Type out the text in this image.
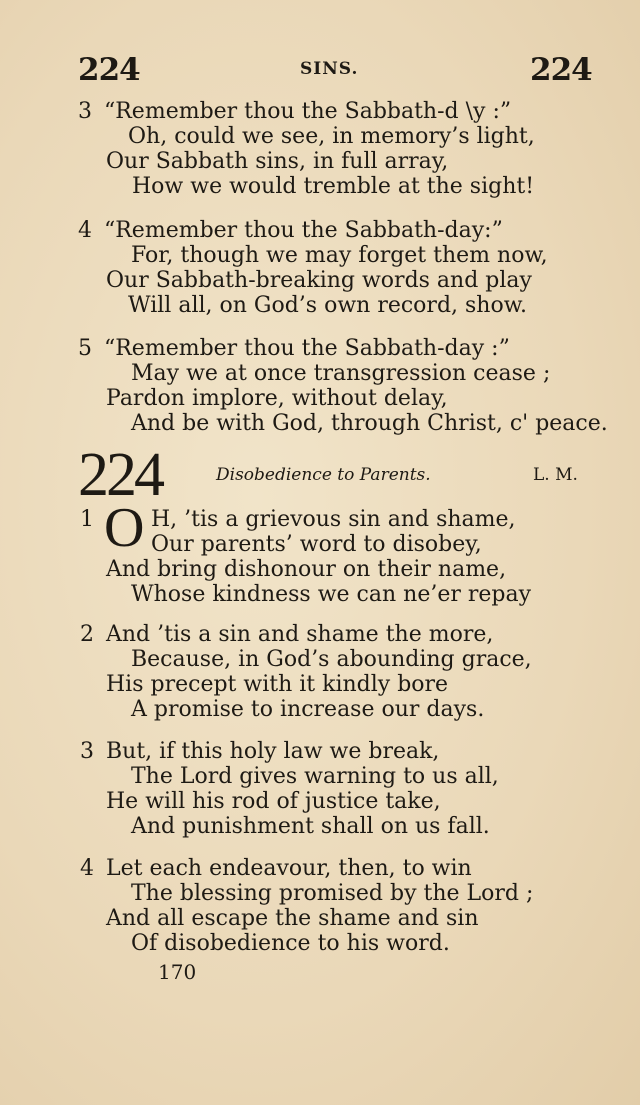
224	SINS.	224
3 “Remember thou the Sabbath-d \y :”
Oh, could we see, in memory’s light,
Our Sabbath sins, in full array,
How we would tremble at the sight!
4 “Remember thou the Sabbath-day:”
For, though we may forget them now,
Our Sabbath-breaking words and play
Will all, on God’s own record, show.
5 “Remember thou the Sabbath-day :”
May we at once transgression cease ;
Pardon implore, without delay,
And be with God, through Christ, c' peace.
224	Disobedience to Parents.	L. M.
1 O H, ’tis a grievous sin and shame,
Our parents’ word to disobey,
And bring dishonour on their name,
Whose kindness we can ne’er repay
2 And ’tis a sin and shame the more,
Because, in God’s abounding grace,
His precept with it kindly bore
A promise to increase our days.
3 But, if this holy law we break,
The Lord gives warning to us all,
He will his rod of justice take,
And punishment shall on us fall.
4 Let each endeavour, then, to win
The blessing promised by the Lord ;
And all escape the shame and sin
Of disobedience to his word.
170
